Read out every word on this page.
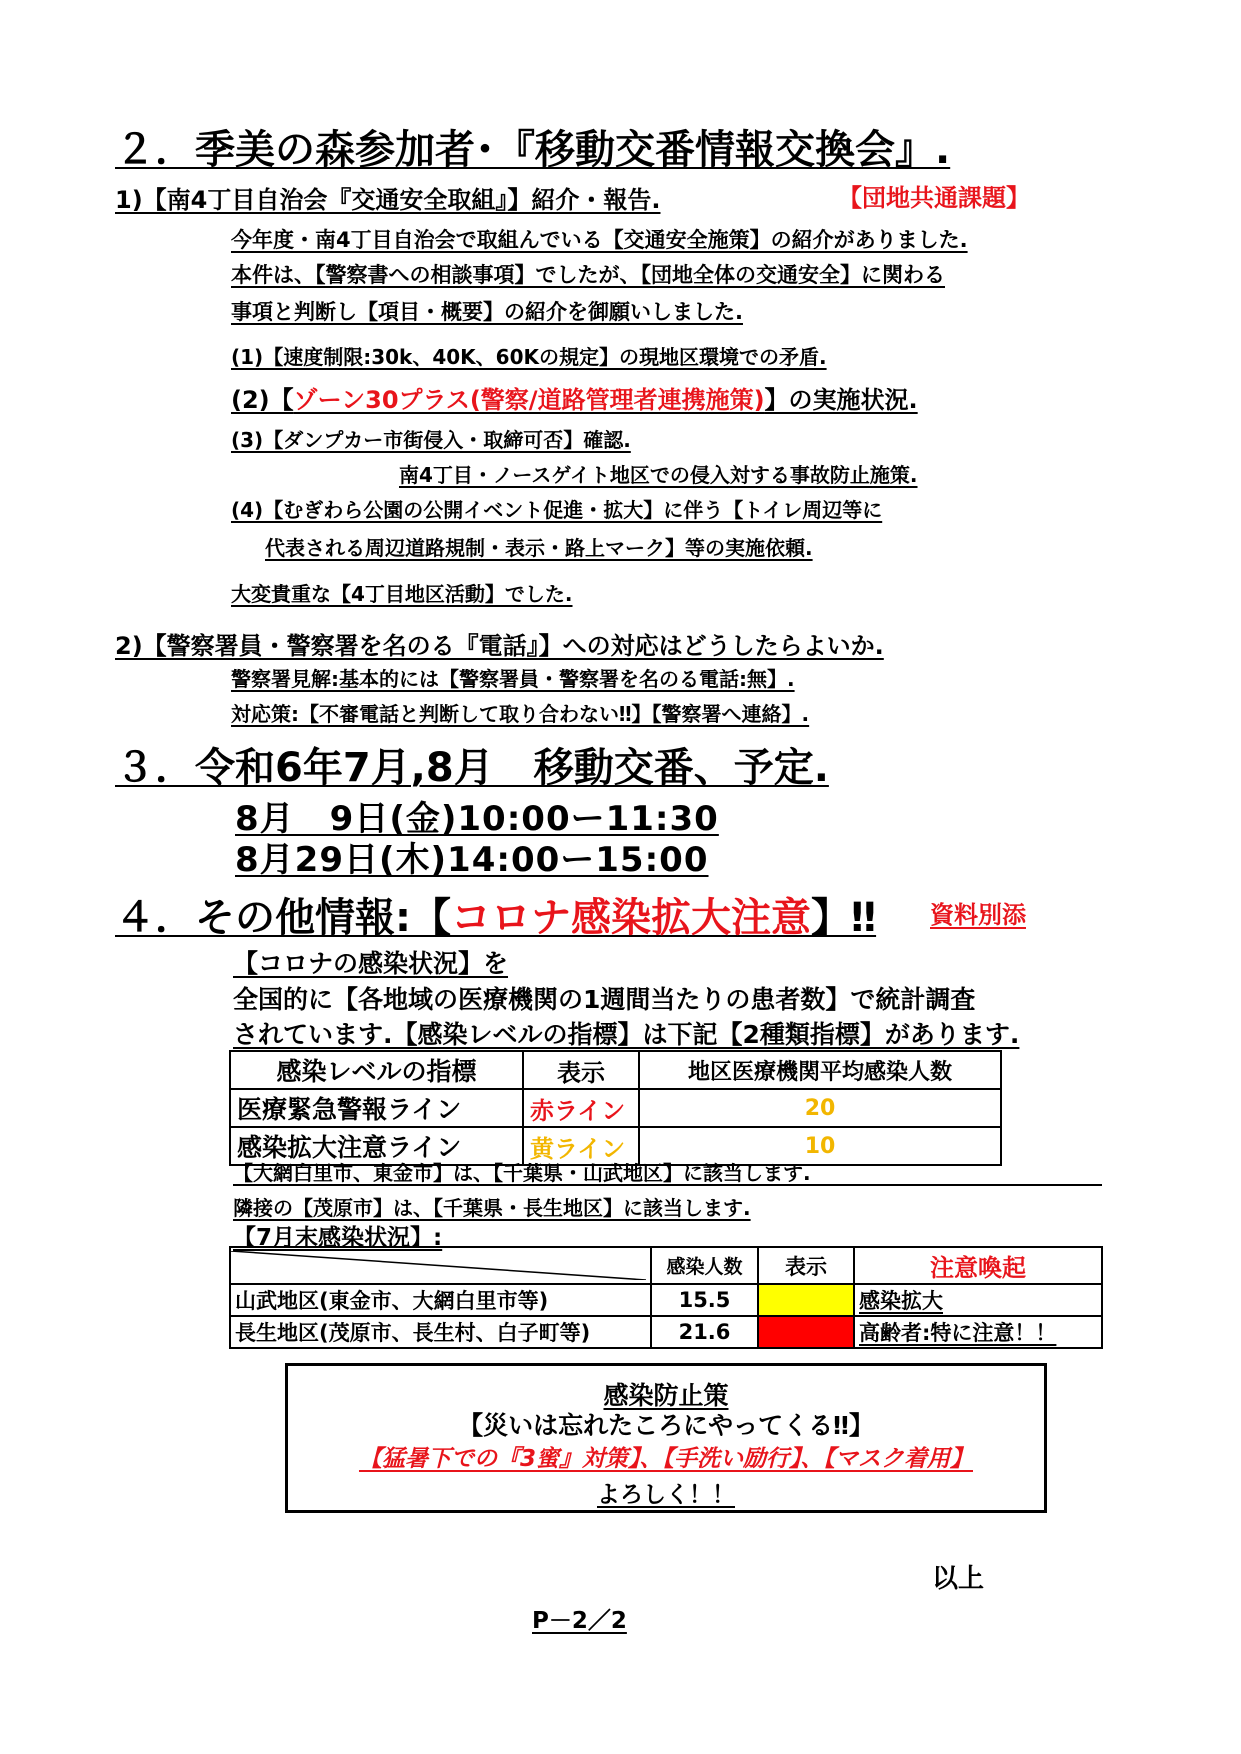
２．季美の森参加者･『移動交番情報交換会』.
1)【南4丁目自治会『交通安全取組』】紹介・報告.	【団地共通課題】
今年度・南4丁目自治会で取組んでいる【交通安全施策】の紹介がありました.
本件は、【警察書への相談事項】でしたが、【団地全体の交通安全】に関わる
事項と判断し【項目・概要】の紹介を御願いしました.
(1)【速度制限:30k、40K、60Kの規定】の現地区環境での矛盾.
(2)【ゾーン30プラス(警察/道路管理者連携施策)】の実施状況.
(3)【ダンプカー市街侵入・取締可否】確認.
南4丁目・ノースゲイト地区での侵入対する事故防止施策.
(4)【むぎわら公園の公開イベント促進・拡大】に伴う【トイレ周辺等に
代表される周辺道路規制・表示・路上マーク】等の実施依頼.
大変貴重な【4丁目地区活動】でした.
2)【警察署員・警察署を名のる『電話』】への対応はどうしたらよいか.
警察署見解:基本的には【警察署員・警察署を名のる電話:無】.
対応策:【不審電話と判断して取り合わない‼】【警察署へ連絡】.
３．令和6年7月,8月　移動交番、予定.
8月　9日(金)10:00ー11:30
8月29日(木)14:00ー15:00
４．その他情報:【コロナ感染拡大注意】‼ 資料別添
【コロナの感染状況】を
全国的に【各地域の医療機関の1週間当たりの患者数】で統計調査
されています.【感染レベルの指標】は下記【2種類指標】があります.
感染レベルの指標	表示	地区医療機関平均感染人数
医療緊急警報ライン	赤ライン	20
感染拡大注意ライン	黄ライン	10
【大網白里市、東金市】は、【千葉県・山武地区】に該当します.
隣接の【茂原市】は、【千葉県・長生地区】に該当します.
【7月末感染状況】:
	感染人数	表示	注意喚起
山武地区(東金市、大網白里市等)	15.5		感染拡大
長生地区(茂原市、長生村、白子町等)	21.6		高齢者:特に注意！！
感染防止策
【災いは忘れたころにやってくる‼】
【猛暑下での『3蜜』対策】、【手洗い励行】、【マスク着用】
よろしく！！
以上
P－2／2
